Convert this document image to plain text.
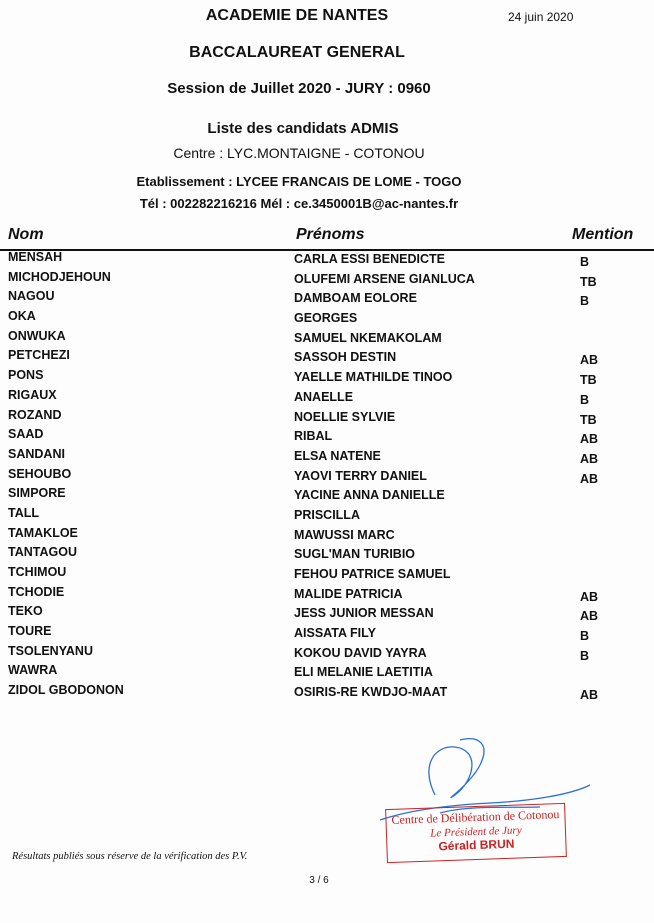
ACADEMIE DE NANTES	24 juin 2020
BACCALAUREAT GENERAL
Session de Juillet 2020 - JURY : 0960
Liste des candidats ADMIS
Centre : LYC.MONTAIGNE - COTONOU
Etablissement : LYCEE FRANCAIS DE LOME - TOGO
Tél : 002282216216 Mél : ce.3450001B@ac-nantes.fr
Nom	Prénoms	Mention
MENSAH	CARLA ESSI BENEDICTE	B
MICHODJEHOUN	OLUFEMI ARSENE GIANLUCA	TB
NAGOU	DAMBOAM EOLORE	B
OKA	GEORGES
ONWUKA	SAMUEL NKEMAKOLAM
PETCHEZI	SASSOH DESTIN	AB
PONS	YAELLE MATHILDE TINOO	TB
RIGAUX	ANAELLE	B
ROZAND	NOELLIE SYLVIE	TB
SAAD	RIBAL	AB
SANDANI	ELSA NATENE	AB
SEHOUBO	YAOVI TERRY DANIEL	AB
SIMPORE	YACINE ANNA DANIELLE
TALL	PRISCILLA
TAMAKLOE	MAWUSSI MARC
TANTAGOU	SUGL'MAN TURIBIO
TCHIMOU	FEHOU PATRICE SAMUEL
TCHODIE	MALIDE PATRICIA	AB
TEKO	JESS JUNIOR MESSAN	AB
TOURE	AISSATA FILY	B
TSOLENYANU	KOKOU DAVID YAYRA	B
WAWRA	ELI MELANIE LAETITIA
ZIDOL GBODONON	OSIRIS-RE KWDJO-MAAT	AB
Centre de Délibération de Cotonou
Le Président de Jury
Gérald BRUN
Résultats publiés sous réserve de la vérification des P.V.
3 / 6
